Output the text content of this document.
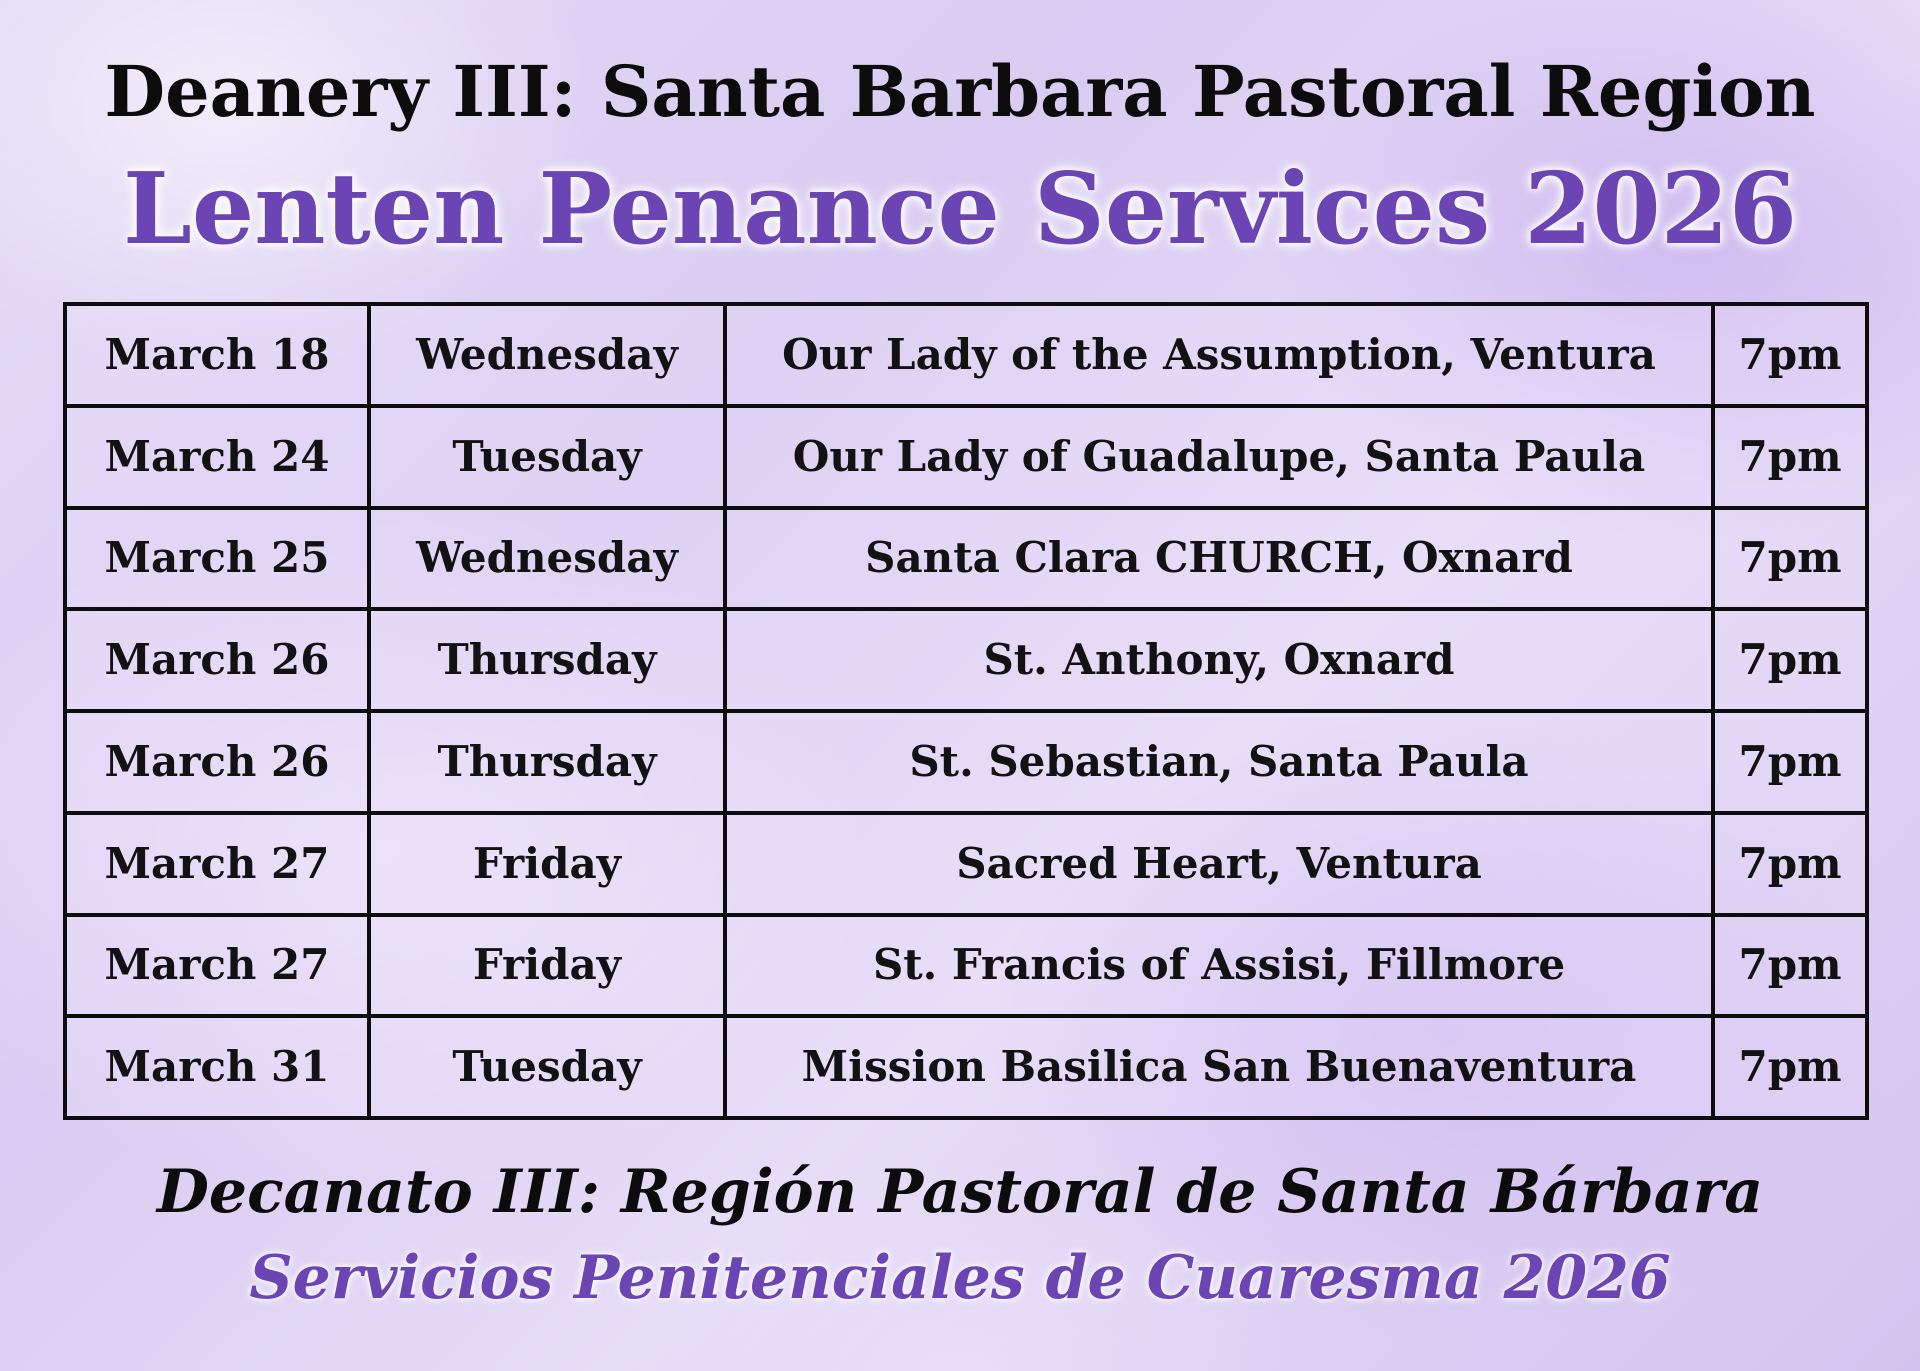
Deanery III: Santa Barbara Pastoral Region
Lenten Penance Services 2026
March 18	Wednesday	Our Lady of the Assumption, Ventura	7pm
March 24	Tuesday	Our Lady of Guadalupe, Santa Paula	7pm
March 25	Wednesday	Santa Clara CHURCH, Oxnard	7pm
March 26	Thursday	St. Anthony, Oxnard	7pm
March 26	Thursday	St. Sebastian, Santa Paula	7pm
March 27	Friday	Sacred Heart, Ventura	7pm
March 27	Friday	St. Francis of Assisi, Fillmore	7pm
March 31	Tuesday	Mission Basilica San Buenaventura	7pm
Decanato III: Región Pastoral de Santa Bárbara
Servicios Penitenciales de Cuaresma 2026
